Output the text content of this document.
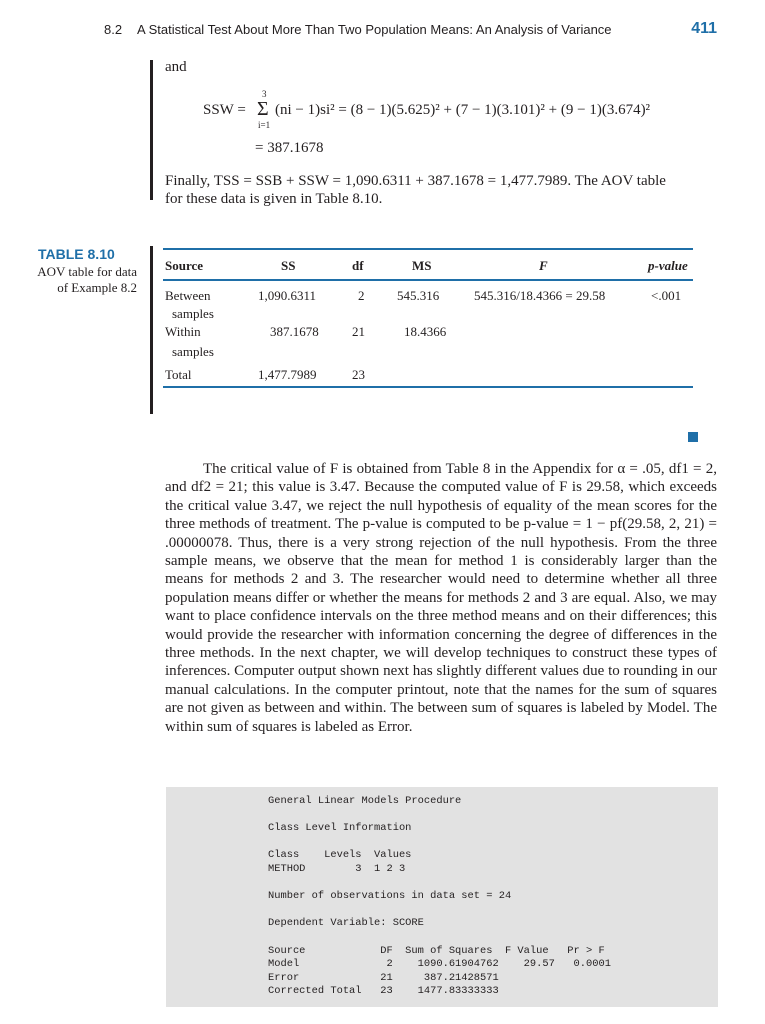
8.2 A Statistical Test About More Than Two Population Means: An Analysis of Variance	411
and
SSW =
3
Σ
i=1
(ni − 1)si² = (8 − 1)(5.625)² + (7 − 1)(3.101)² + (9 − 1)(3.674)²
= 387.1678
Finally, TSS = SSB + SSW = 1,090.6311 + 387.1678 = 1,477.7989. The AOV table
for these data is given in Table 8.10.
TABLE 8.10
AOV table for data
of Example 8.2
Source	SS	df	MS	F	p-value
Between
samples
1,090.6311	2	545.316	545.316/18.4366 = 29.58	<.001
Within
samples
387.1678	21	18.4366
Total	1,477.7989	23

The critical value of F is obtained from Table 8 in the Appendix for α = .05, df1 = 2, and df2 = 21; this value is 3.47. Because the computed value of F is 29.58, which exceeds the critical value 3.47, we reject the null hypothesis of equality of the mean scores for the three methods of treatment. The p-value is computed to be p-value = 1 − pf(29.58, 2, 21) = .00000078. Thus, there is a very strong rejection of the null hypothesis. From the three sample means, we observe that the mean for method 1 is considerably larger than the means for methods 2 and 3. The researcher would need to determine whether all three population means differ or whether the means for methods 2 and 3 are equal. Also, we may want to place confidence intervals on the three method means and on their differences; this would provide the researcher with information concerning the degree of differences in the three methods. In the next chapter, we will develop techniques to construct these types of inferences. Computer output shown next has slightly different values due to rounding in our manual calculations. In the computer printout, note that the names for the sum of squares are not given as between and within. The between sum of squares is labeled by Model. The within sum of squares is labeled as Error.

General Linear Models Procedure

Class Level Information

Class    Levels  Values
METHOD        3  1 2 3

Number of observations in data set = 24

Dependent Variable: SCORE

Source            DF  Sum of Squares  F Value   Pr > F
Model              2    1090.61904762    29.57   0.0001
Error             21     387.21428571
Corrected Total   23    1477.83333333
